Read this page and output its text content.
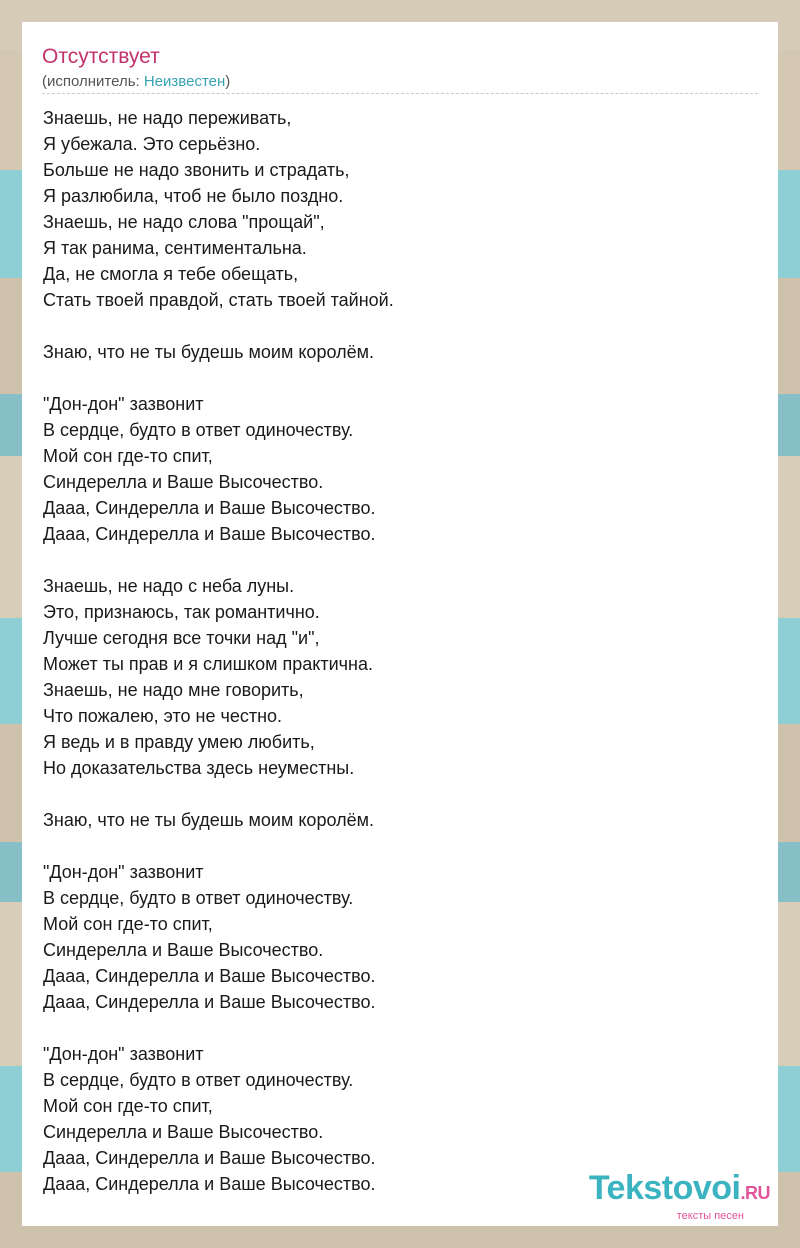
Отсутствует
(исполнитель: Неизвестен)
Знаешь, не надо переживать,
Я убежала. Это серьёзно.
Больше не надо звонить и страдать,
Я разлюбила, чтоб не было поздно.
Знаешь, не надо слова "прощай",
Я так ранима, сентиментальна.
Да, не смогла я тебе обещать,
Стать твоей правдой, стать твоей тайной.
Знаю, что не ты будешь моим королём.
"Дон-дон" зазвонит
В сердце, будто в ответ одиночеству.
Мой сон где-то спит,
Синдерелла и Ваше Высочество.
Дааа, Синдерелла и Ваше Высочество.
Дааа, Синдерелла и Ваше Высочество.
Знаешь, не надо с неба луны.
Это, признаюсь, так романтично.
Лучше сегодня все точки над "и",
Может ты прав и я слишком практична.
Знаешь, не надо мне говорить,
Что пожалею, это не честно.
Я ведь и в правду умею любить,
Но доказательства здесь неуместны.
Знаю, что не ты будешь моим королём.
"Дон-дон" зазвонит
В сердце, будто в ответ одиночеству.
Мой сон где-то спит,
Синдерелла и Ваше Высочество.
Дааа, Синдерелла и Ваше Высочество.
Дааа, Синдерелла и Ваше Высочество.
"Дон-дон" зазвонит
В сердце, будто в ответ одиночеству.
Мой сон где-то спит,
Синдерелла и Ваше Высочество.
Дааа, Синдерелла и Ваше Высочество.
Дааа, Синдерелла и Ваше Высочество.	Tekstovoi.RU
тексты песен
